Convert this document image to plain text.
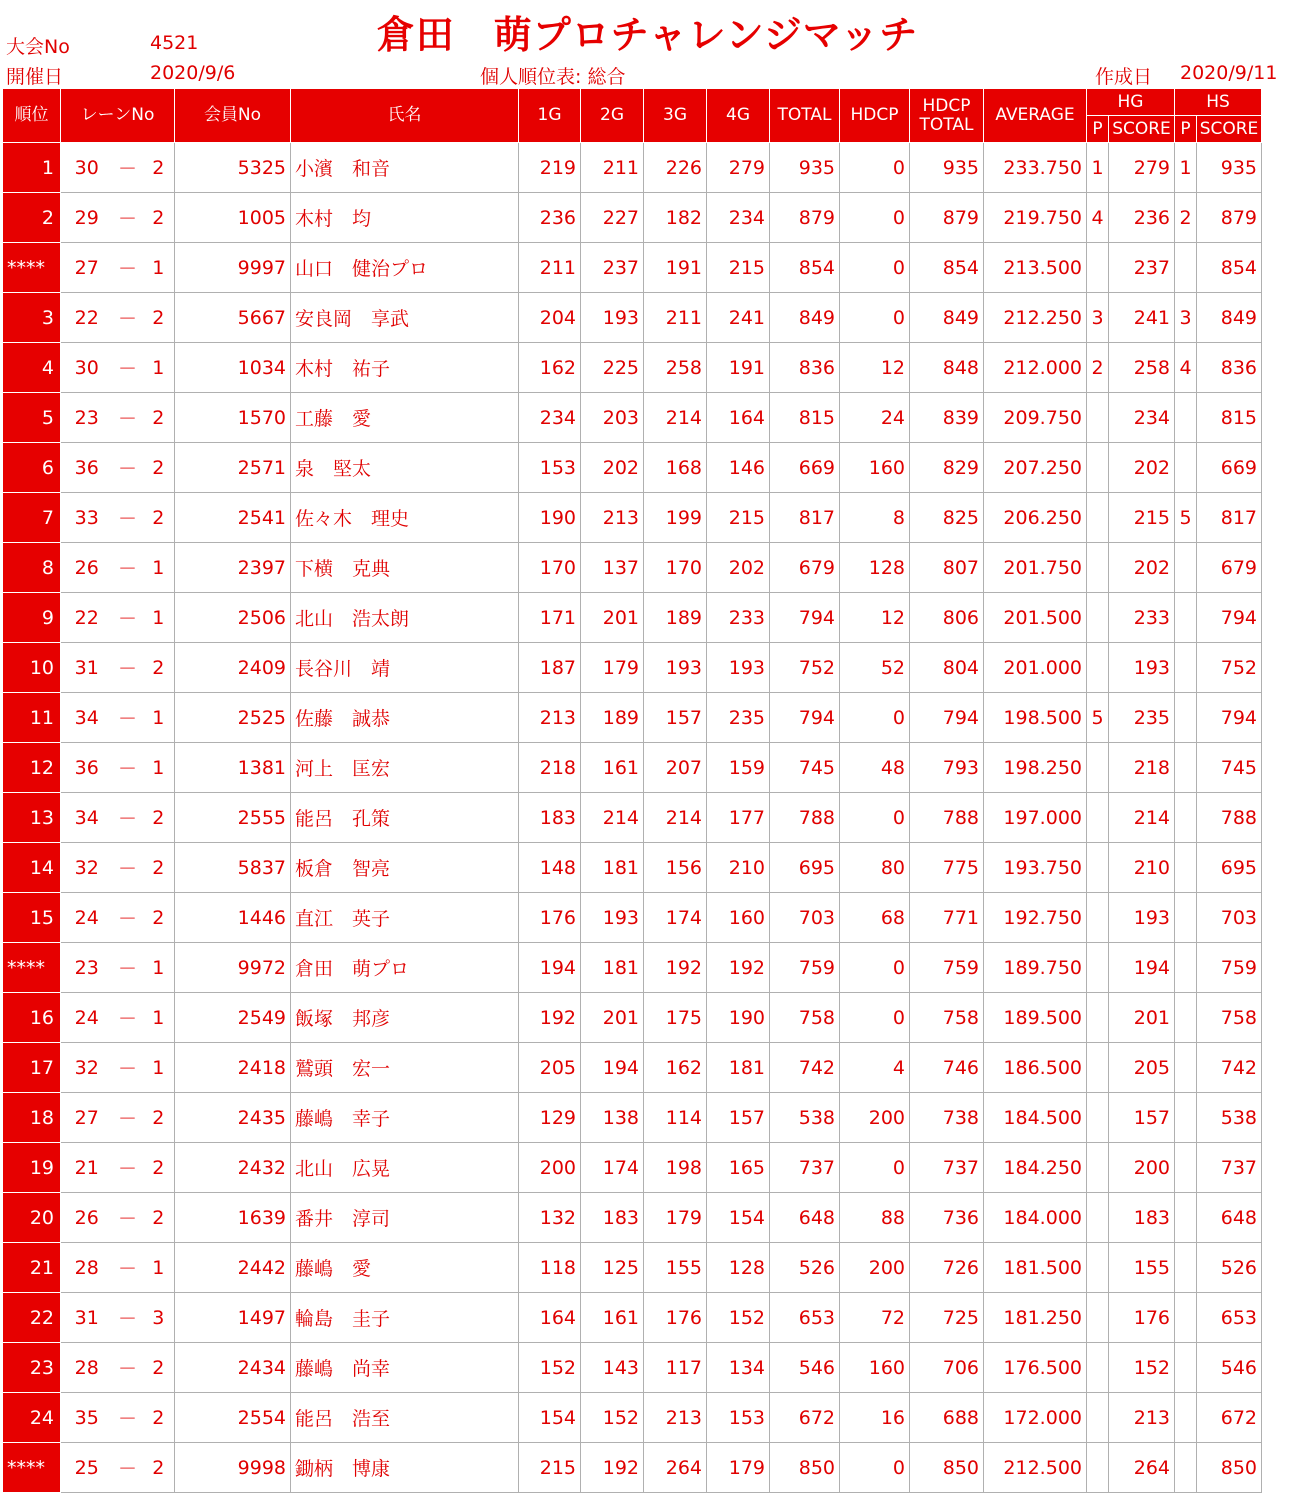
倉田　萌プロチャレンジマッチ
大会No	4521
開催日	2020/9/6	個人順位表: 総合	作成日 2020/9/11
順位	レーンNo			会員No	氏名	1G	2G	3G	4G	TOTAL	HDCP	HDCP
TOTAL	AVERAGE	HG		HS	
														P	SCORE	P	SCORE
1	30	－	2	5325	小濱　和音	219	211	226	279	935	0	935	233.750	1	279	1	935
2	29	－	2	1005	木村　均	236	227	182	234	879	0	879	219.750	4	236	2	879
****	27	－	1	9997	山口　健治プロ	211	237	191	215	854	0	854	213.500		237		854
3	22	－	2	5667	安良岡　享武	204	193	211	241	849	0	849	212.250	3	241	3	849
4	30	－	1	1034	木村　祐子	162	225	258	191	836	12	848	212.000	2	258	4	836
5	23	－	2	1570	工藤　愛	234	203	214	164	815	24	839	209.750		234		815
6	36	－	2	2571	泉　堅太	153	202	168	146	669	160	829	207.250		202		669
7	33	－	2	2541	佐々木　理史	190	213	199	215	817	8	825	206.250		215	5	817
8	26	－	1	2397	下横　克典	170	137	170	202	679	128	807	201.750		202		679
9	22	－	1	2506	北山　浩太朗	171	201	189	233	794	12	806	201.500		233		794
10	31	－	2	2409	長谷川　靖	187	179	193	193	752	52	804	201.000		193		752
11	34	－	1	2525	佐藤　誠恭	213	189	157	235	794	0	794	198.500	5	235		794
12	36	－	1	1381	河上　匡宏	218	161	207	159	745	48	793	198.250		218		745
13	34	－	2	2555	能呂　孔策	183	214	214	177	788	0	788	197.000		214		788
14	32	－	2	5837	板倉　智亮	148	181	156	210	695	80	775	193.750		210		695
15	24	－	2	1446	直江　英子	176	193	174	160	703	68	771	192.750		193		703
****	23	－	1	9972	倉田　萌プロ	194	181	192	192	759	0	759	189.750		194		759
16	24	－	1	2549	飯塚　邦彦	192	201	175	190	758	0	758	189.500		201		758
17	32	－	1	2418	鷲頭　宏一	205	194	162	181	742	4	746	186.500		205		742
18	27	－	2	2435	藤嶋　幸子	129	138	114	157	538	200	738	184.500		157		538
19	21	－	2	2432	北山　広晃	200	174	198	165	737	0	737	184.250		200		737
20	26	－	2	1639	番井　淳司	132	183	179	154	648	88	736	184.000		183		648
21	28	－	1	2442	藤嶋　愛	118	125	155	128	526	200	726	181.500		155		526
22	31	－	3	1497	輪島　圭子	164	161	176	152	653	72	725	181.250		176		653
23	28	－	2	2434	藤嶋　尚幸	152	143	117	134	546	160	706	176.500		152		546
24	35	－	2	2554	能呂　浩至	154	152	213	153	672	16	688	172.000		213		672
****	25	－	2	9998	鋤柄　博康	215	192	264	179	850	0	850	212.500		264		850
